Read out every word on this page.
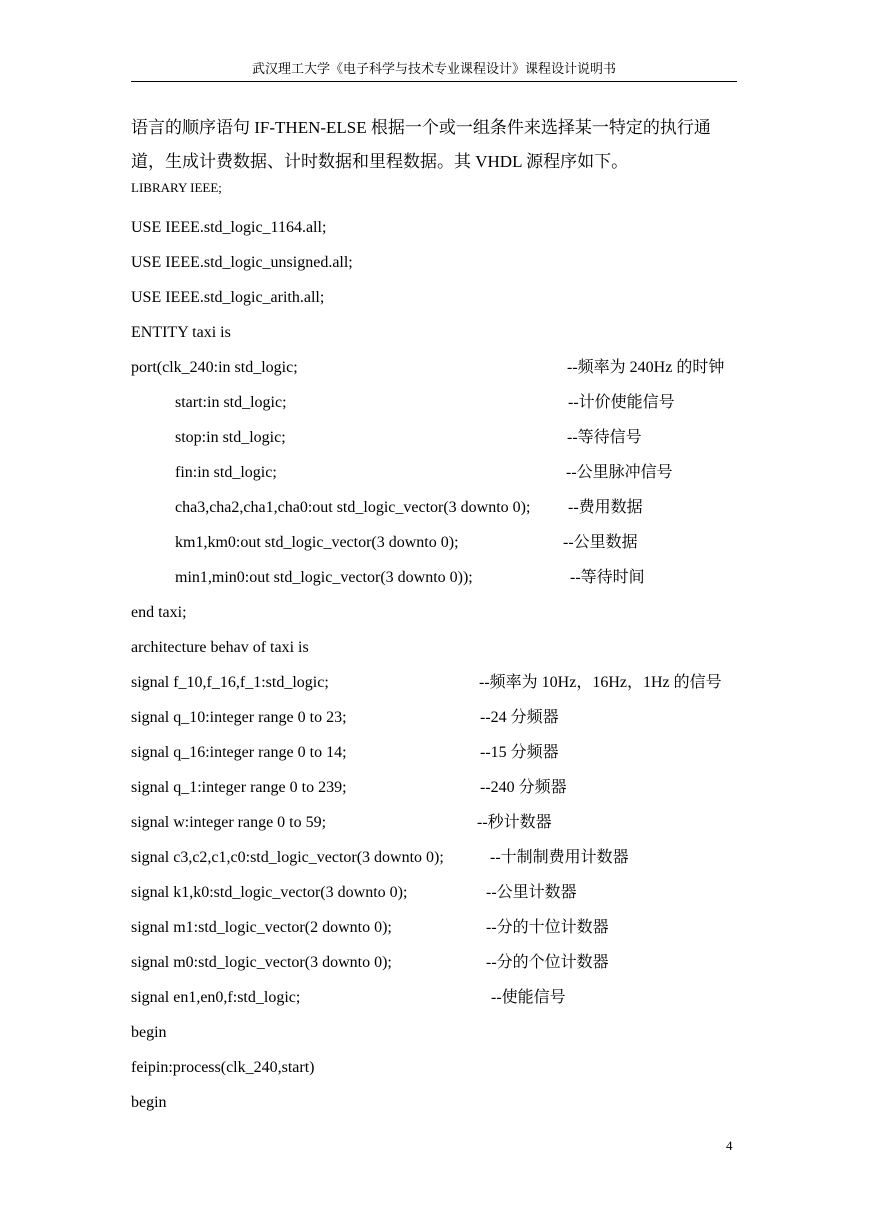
武汉理工大学《电子科学与技术专业课程设计》课程设计说明书
语言的顺序语句 IF-THEN-ELSE 根据一个或一组条件来选择某一特定的执行通
道，生成计费数据、计时数据和里程数据。其 VHDL 源程序如下。
LIBRARY IEEE;
USE IEEE.std_logic_1164.all;
USE IEEE.std_logic_unsigned.all;
USE IEEE.std_logic_arith.all;
ENTITY taxi is
port(clk_240:in std_logic;	--频率为 240Hz 的时钟
start:in std_logic;	--计价使能信号
stop:in std_logic;	--等待信号
fin:in std_logic;	--公里脉冲信号
cha3,cha2,cha1,cha0:out std_logic_vector(3 downto 0); --费用数据
km1,km0:out std_logic_vector(3 downto 0);	--公里数据
min1,min0:out std_logic_vector(3 downto 0));	--等待时间
end taxi;
architecture behav of taxi is
signal f_10,f_16,f_1:std_logic;	--频率为 10Hz，16Hz，1Hz 的信号
signal q_10:integer range 0 to 23;	--24 分频器
signal q_16:integer range 0 to 14;	--15 分频器
signal q_1:integer range 0 to 239;	--240 分频器
signal w:integer range 0 to 59;	--秒计数器
signal c3,c2,c1,c0:std_logic_vector(3 downto 0);	--十制制费用计数器
signal k1,k0:std_logic_vector(3 downto 0);	--公里计数器
signal m1:std_logic_vector(2 downto 0);	--分的十位计数器
signal m0:std_logic_vector(3 downto 0);	--分的个位计数器
signal en1,en0,f:std_logic;	--使能信号
begin
feipin:process(clk_240,start)
begin
4
